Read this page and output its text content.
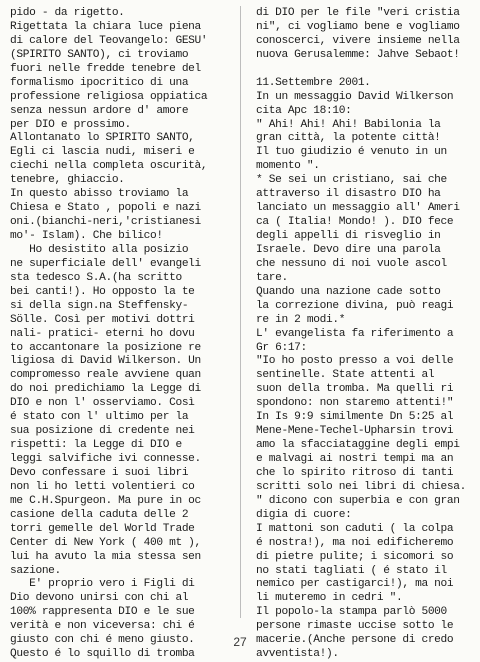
pido - da rigetto.
Rigettata la chiara luce piena
di calore del Teovangelo: GESU'
(SPIRITO SANTO), ci troviamo
fuori nelle fredde tenebre del
formalismo ipocritico di una
professione religiosa oppiatica
senza nessun ardore d' amore
per DIO e prossimo.
Allontanato lo SPIRITO SANTO,
Egli ci lascia nudi, miseri e
ciechi nella completa oscurità,
tenebre, ghiaccio.
In questo abisso troviamo la
Chiesa e Stato , popoli e nazi
oni.(bianchi-neri,'cristianesi
mo'- Islam). Che bilico!
Ho desistito alla posizio
ne superficiale dell' evangeli
sta tedesco S.A.(ha scritto
bei canti!). Ho opposto la te
si della sign.na Steffensky-
Sölle. Così per motivi dottri
nali- pratici- eterni ho dovu
to accantonare la posizione re
ligiosa di David Wilkerson. Un
compromesso reale avviene quan
do noi predichiamo la Legge di
DIO e non l' osserviamo. Così
é stato con l' ultimo per la
sua posizione di credente nei
rispetti: la Legge di DIO e
leggi salvifiche ivi connesse.
Devo confessare i suoi libri
non li ho letti volentieri co
me C.H.Spurgeon. Ma pure in oc
casione della caduta delle 2
torri gemelle del World Trade
Center di New York ( 400 mt ),
lui ha avuto la mia stessa sen
sazione.
E' proprio vero i Figli di
Dio devono unirsi con chi al
100% rappresenta DIO e le sue
verità e non viceversa: chi é
giusto con chi é meno giusto.
Questo é lo squillo di tromba
di DIO per le file "veri cristia
ni", ci vogliamo bene e vogliamo
conoscerci, vivere insieme nella
nuova Gerusalemme: Jahve Sebaot!

11.Settembre 2001.
In un messaggio David Wilkerson
cita Apc 18:10:
" Ahi! Ahi! Ahi! Babilonia la
gran città, la potente città!
Il tuo giudizio é venuto in un
momento ".
* Se sei un cristiano, sai che
attraverso il disastro DIO ha
lanciato un messaggio all' Ameri
ca ( Italia! Mondo! ). DIO fece
degli appelli di risveglio in
Israele. Devo dire una parola
che nessuno di noi vuole ascol
tare.
Quando una nazione cade sotto
la correzione divina, può reagi
re in 2 modi.*
L' evangelista fa riferimento a
Gr 6:17:
"Io ho posto presso a voi delle
sentinelle. State attenti al
suon della tromba. Ma quelli ri
spondono: non staremo attenti!"
In Is 9:9 similmente Dn 5:25 al
Mene-Mene-Techel-Upharsin trovi
amo la sfacciataggine degli empi
e malvagi ai nostri tempi ma an
che lo spirito ritroso di tanti
scritti solo nei libri di chiesa.
" dicono con superbia e con gran
digia di cuore:
I mattoni son caduti ( la colpa
é nostra!), ma noi edificheremo
di pietre pulite; i sicomori so
no stati tagliati ( é stato il
nemico per castigarci!), ma noi
li muteremo in cedri ".
Il popolo-la stampa parlò 5000
persone rimaste uccise sotto le
macerie.(Anche persone di credo
avventista!).
27
